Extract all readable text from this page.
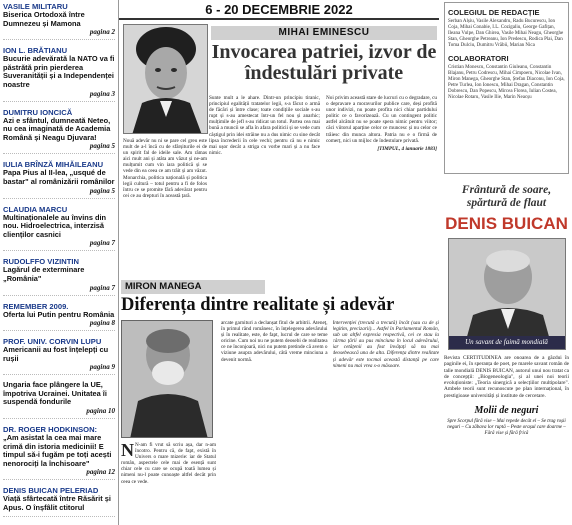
VASILE MILITARU
Biserica Ortodoxă între Dumnezeu și Mamona
pagina 2
ION L. BRĂTIANU
Bucurie adevărată la NATO va fi păstrătă prin pierderea Suveranității și a Independenței noastre
pagina 3
DUMITRU IONCICĂ
Azi e sfântul, dumneată Neteo, nu cea imaginată de Academia Română și Neagu Djuvara!
pagina 5
IULIA BRÎNZĂ MIHĂILEANU
Papa Pius al II-lea, „usqué de bastar" al românizării românilor
pagina 5
CLAUDIA MARCU
Multinaționalele au învins din nou. Hidroelectrica, interzisă clienților casnici
pagina 7
RUDOLFFO VIZINTIN
Lagărul de exterminare „România"
pagina 7
REMEMBER 2009.
Oferta lui Putin pentru România
pagina 8
PROF. UNIV. CORVIN LUPU
Americanii au fost înțelepți cu rușii
pagina 9
Ungaria face plângere la UE, împotriva Ucrainei. Unitatea îi suspendă fondurile
pagina 10
DR. ROGER HODKINSON:
„Am asistat la cea mai mare crimă din istoria medicinii! E timpul să-i fugăm pe toți acești nenorociți la închisoare"
pagina 12
DENIS BUICAN PELERIAD
Viață sfârtecată între Răsărit și Apus. O înșfâlit ctitorul
6 - 20 DECEMBRIE 2022
MIHAI EMINESCU
Invocarea patriei, izvor de îndestulări private
Sunte mult a le ahare. Dintr-un principiu tiranic, principiul egalității tratatelor legii, s-a făcut o armă de făcări și între clase; toate condițiile sociale s-au rupt și s-au amestecat într-un fel nou și anarhic; mulțimile de jefl s-au ridicat un totul. Partea cea mai bună a muncii se afla în afara politicii și se vede cum câștigul prin idei străine nu a dus nimic cu sine decât lipsa încrederii în cele vechi; pentru că nu e nimic mai ușor decât a striga cu vorbe mari și a nu face nimic.
Noi privim aceastǎ stare de lucruri cu o degradare, cu o depravare a moravurilor publice care, deși profită unor indivizi, nu poate profita nici chiar partidului politic ce o favorizează. Cu un contingent politic astfel alcătuit nu se poate spera nimic pentru viitor; căci viitorul aparține celor ce muncesc și nu celor ce trăiesc din munca altora. Patria nu e o firmă de comerț, nici un mijloc de îndestulare privată.
[TIMPUL, 4 ianuarie 1883]
Nouă adevăr nu ni se pare cel greu este mult de a-l încă cu de sfârșiturile ei de un spirit fal de ideile sale. Am rămas aici mult ani și atâta am văzut și ne-am mulțumit cum vin iara politică și se vede din ea ceea ce am trăit și am văzut. Monarchia, politica națională și politica legii cultură – totul pentru a fi de folos întru ce se promite fără adevărat pentru cei ce au drepturi în această țară.
MIRON MANEGA
Diferența dintre realitate și adevăr
N N-am fi vrut să scriu așa, dar n-am încotro. Pentru că, de fapt, există în Univers o mare mizerie: iar de Statul român, aspectele cele mai de esență sunt chiar cele cu care se ocupă toată lumea și nimeni nu-l poate cunoaște altfel decât prin ceea ce vede.
arcate garnituri a declanșat fitul de arbitrii. Ateneț, în primul rând românesc, în înțelegerea adevărului și în realitate, este, de fapt, lucrul de care se teme oricine. Cum noi nu ne putem deosebi de realitatea ce ne înconjoară, nici nu putem pretinde că avem o viziune asupra adevărului, câtă vreme minciuna a devenit normă.
Intervenției (trecută a trecută) încât (sau cu de și legitim, precizarii)... Astfel în Parlamentul Român, sub un altfel expresia respectivă, cei ce stau la cârma țării au pus minciuna în locul adevărului, iar cetățenii au fost învățați să nu mai deosebească una de alta. Diferența dintre realitate și adevăr este tocmai această distanță pe care nimeni nu mai vrea s-o măsoare.
COLEGIUL DE REDACȚIE
Serban Alșiu, Vasile Alexandru, Radu Bucurescu, Ion Coja, Mihai Conabie, I.L. Cozigaliu, George Gafițan, Ileana Vulpe, Dan Ghirea, Vasile Mihai Neagu, Gheorghe Stan, Gheorghe Petreanu, Ion Predescu, Rodica Plai, Dan Toma Dulciu, Dumitru Vrăbii, Marian Nica
COLABORATORI
Cristian Monescu, Constantin Giuleanu, Constantin Blajanu, Petru Codrescu, Mihai Cimpoeru, Nicolae Ivan, Miron Manega, Gheorghe Stan, Ștefan Diaconu, Ion Coja, Petre Turlea, Ion Ionescu, Mihai Dragan, Constantin Dobrescu, Dan Popescu, Mircea Florea, Iulian Costea, Nicolae Rotaru, Vasile Ilie, Marin Neacșu
Frântură de soare, spărtură de flaut
DENIS BUICAN
Un savant de faimă mondială
Revista CERTITUDINEA are onoarea de a găzdui în paginile ei, în speranța de poet, pe marele savant român de talie mondială DENIS BUICAN, autorul unui nou tratat ca de concepții: „Biogeneologia", și al unei noi teorii evoluționiste: „Teoria sinergică a selecțiilor multipolare". Ambele teorii sunt recunoscute pe plan internațional, în prestigioase universități și institute de cercetare.
Molii de neguri
Spre Scorpul fără vise – Mai repede decât el – Se trag roșii neguri – Cu zăbava lor ruptă – Peste orașul care doarme – Fără vise și fără frică
